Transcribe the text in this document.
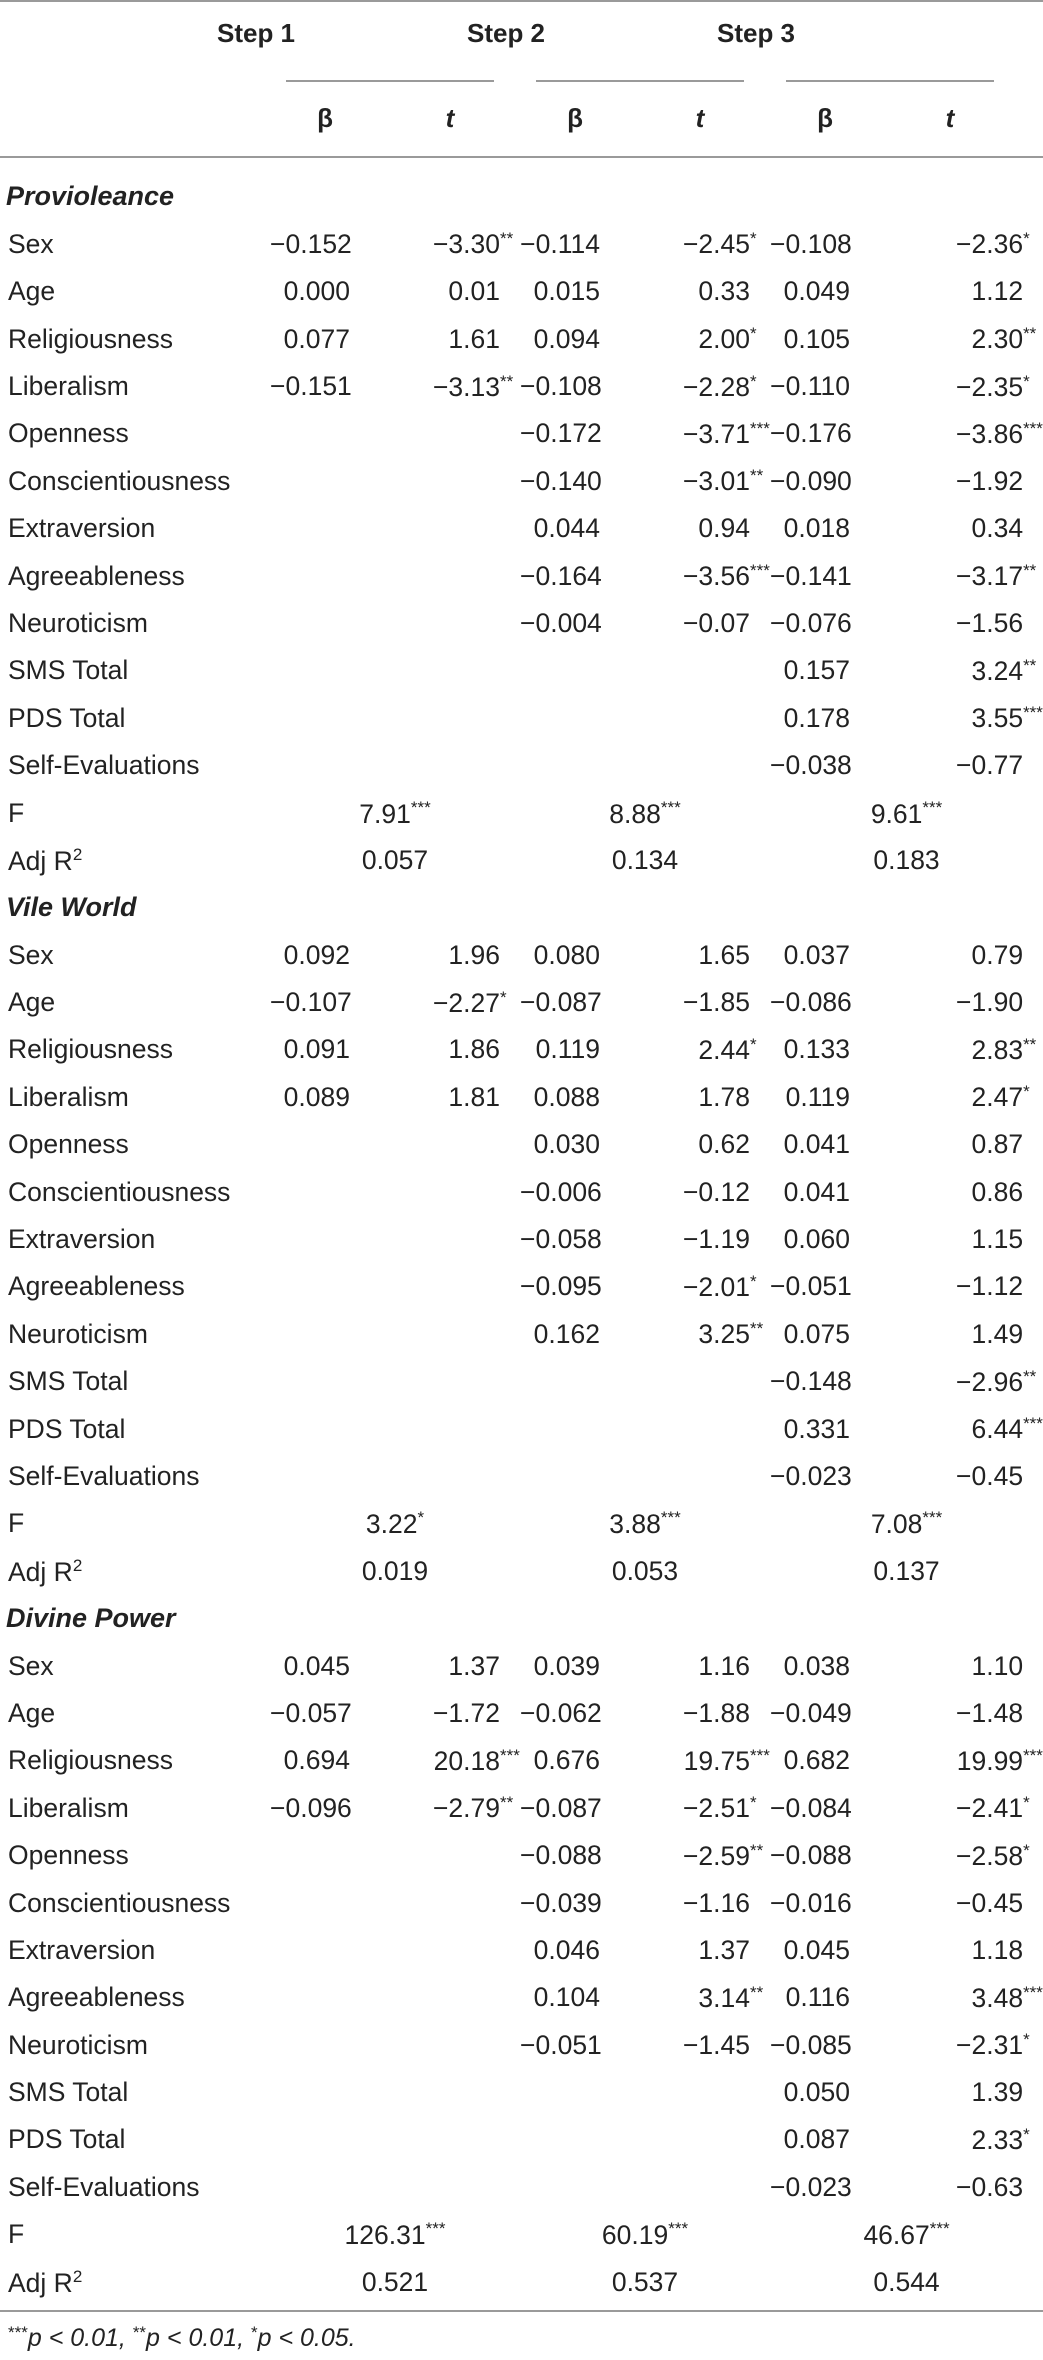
Step 1	Step 2	Step 3
β	t	β	t	β	t
Provioleance						
Sex	−0.152	−3.30**	−0.114	−2.45*	−0.108	−2.36*
Age	0.000	0.01	0.015	0.33	0.049	1.12
Religiousness	0.077	1.61	0.094	2.00*	0.105	2.30**
Liberalism	−0.151	−3.13**	−0.108	−2.28*	−0.110	−2.35*
Openness			−0.172	−3.71***	−0.176	−3.86***
Conscientiousness			−0.140	−3.01**	−0.090	−1.92
Extraversion			0.044	0.94	0.018	0.34
Agreeableness			−0.164	−3.56***	−0.141	−3.17**
Neuroticism			−0.004	−0.07	−0.076	−1.56
SMS Total					0.157	3.24**
PDS Total					0.178	3.55***
Self-Evaluations					−0.038	−0.77
F	7.91***		8.88***		9.61***
Adj $R^2$	0.057		0.134		0.183	
Vile World						
Sex	0.092	1.96	0.080	1.65	0.037	0.79
Age	−0.107	−2.27*	−0.087	−1.85	−0.086	−1.90
Religiousness	0.091	1.86	0.119	2.44*	0.133	2.83**
Liberalism	0.089	1.81	0.088	1.78	0.119	2.47*
Openness			0.030	0.62	0.041	0.87
Conscientiousness			−0.006	−0.12	0.041	0.86
Extraversion			−0.058	−1.19	0.060	1.15
Agreeableness			−0.095	−2.01*	−0.051	−1.12
Neuroticism			0.162	3.25**	0.075	1.49
SMS Total					−0.148	−2.96**
PDS Total					0.331	6.44***
Self-Evaluations					−0.023	−0.45
F	3.22*		3.88***		7.08***
Adj $R^2$	0.019		0.053		0.137	
Divine Power						
Sex	0.045	1.37	0.039	1.16	0.038	1.10
Age	−0.057	−1.72	−0.062	−1.88	−0.049	−1.48
Religiousness	0.694	20.18***	0.676	19.75***	0.682	19.99***
Liberalism	−0.096	−2.79**	−0.087	−2.51*	−0.084	−2.41*
Openness			−0.088	−2.59**	−0.088	−2.58*
Conscientiousness			−0.039	−1.16	−0.016	−0.45
Extraversion			0.046	1.37	0.045	1.18
Agreeableness			0.104	3.14**	0.116	3.48***
Neuroticism			−0.051	−1.45	−0.085	−2.31*
SMS Total					0.050	1.39
PDS Total					0.087	2.33*
Self-Evaluations					−0.023	−0.63
F	126.31***		60.19***		46.67***
Adj $R^2$	0.521		0.537		0.544	
***p < 0.01, **p < 0.01, *p < 0.05.
